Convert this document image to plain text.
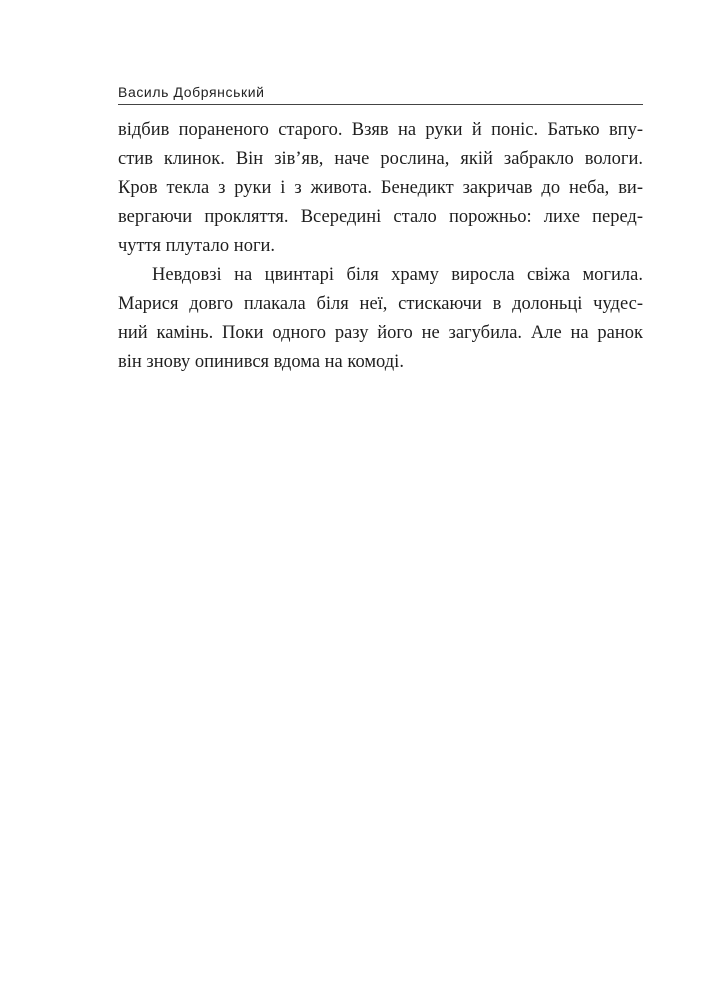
Василь Добрянський
відбив пораненого старого. Взяв на руки й поніс. Батько впу-
стив клинок. Він зів’яв, наче рослина, якій забракло вологи.
Кров текла з руки і з живота. Бенедикт закричав до неба, ви-
вергаючи прокляття. Всередині стало порожньо: лихе перед-
чуття плутало ноги.
Невдовзі на цвинтарі біля храму виросла свіжа могила.
Марися довго плакала біля неї, стискаючи в долоньці чудес-
ний камінь. Поки одного разу його не загубила. Але на ранок
він знову опинився вдома на комоді.
